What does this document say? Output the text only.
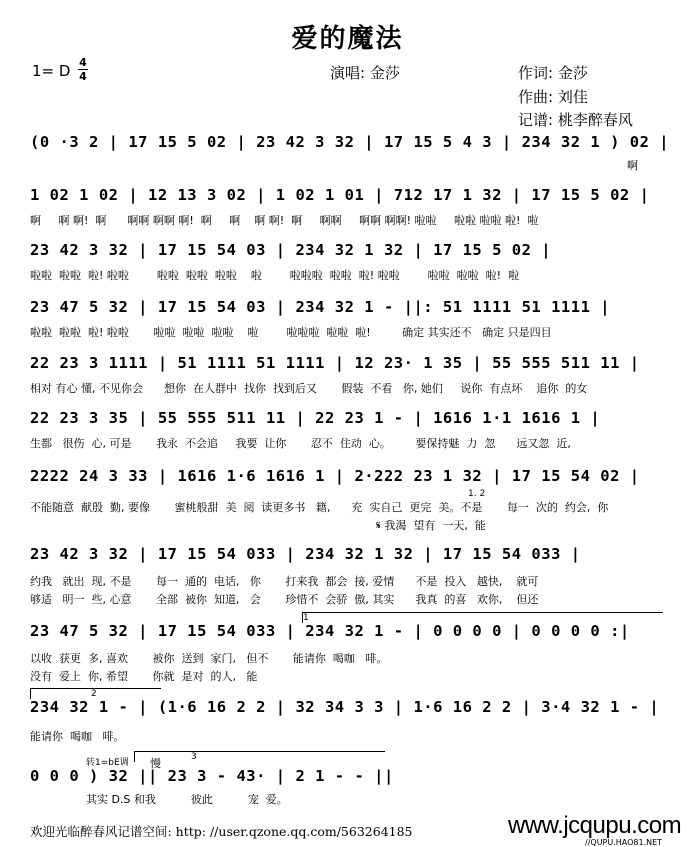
爱的魔法
1= D 4
4	演唱: 金莎	作词: 金莎
作曲: 刘佳
记谱: 桃李醉春风
(0 ·3 2 | 17 15 5 02 | 23 42 3 32 | 17 15 5 4 3 | 234 32 1 ) 02 |
啊
1 02 1 02 | 12 13 3 02 | 1 02 1 01 | 712 17 1 32 | 17 15 5 02 |
啊     啊 啊!  啊      啊啊 啊啊 啊!  啊     啊    啊 啊!  啊     啊啊     啊啊 啊啊! 啦啦     啦啦 啦啦 啦!  啦
23 42 3 32 | 17 15 54 03 | 234 32 1 32 | 17 15 5 02 |
啦啦  啦啦  啦! 啦啦        啦啦  啦啦  啦啦    啦        啦啦啦  啦啦  啦! 啦啦        啦啦  啦啦  啦!  啦
23 47 5 32 | 17 15 54 03 | 234 32 1 - ||: 51 1111 51 1111 |
啦啦  啦啦  啦! 啦啦       啦啦  啦啦  啦啦    啦        啦啦啦  啦啦  啦!         确定 其实还不   确定 只是四目
22 23 3 1111 | 51 1111 51 1111 | 12 23· 1 35 | 55 555 511 11 |
相对 有心 懂, 不见你会      想你  在人群中  找你  找到后又       假装  不看   你, 她们     说你  有点坏    追你  的女
22 23 3 35 | 55 555 511 11 | 22 23 1 - | 1616 1·1 1616 1 |
生都   很伤  心, 可是       我永  不会追     我要  让你       忍不  住动  心。       要保持魅  力  忽      远又忽  近,
2222 24 3 33 | 1616 1·6 1616 1 | 2·222 23 1 32 | 17 15 54 02 |
1. 2
不能随意  献殷  勤, 要像       蜜桃般甜  美  阅  读更多书   籍,      充  实自己  更完  美。不是       每一  次的  约会,  你
𝄋 我渴  望有  一天,  能
23 42 3 32 | 17 15 54 033 | 234 32 1 32 | 17 15 54 033 |
约我   就出  现, 不是       每一  通的  电话,   你       打来我  都会  接, 爱情      不是  投入   越快,    就可
够适   明一  些, 心意       全部  被你  知道,   会       珍惜不  会骄  傲, 其实      我真  的喜   欢你,    但还
1
23 47 5 32 | 17 15 54 033 | 234 32 1 - | 0 0 0 0 | 0 0 0 0 :|
以收  获更  多, 喜欢       被你  送到  家门,   但不       能请你  喝咖   啡。
没有  爱上  你, 希望       你就  是对  的人,   能
2
234 32 1 - | (1·6 16 2 2 | 32 34 3 3 | 1·6 16 2 2 | 3·4 32 1 - |
能请你  喝咖   啡。
转1=bE调 慢	3
0 0 0 ) 32 || 23 3 - 43· | 2 1 - - ||
其实 D.S 和我          彼此          宠  爱。
欢迎光临醉春风记谱空间: http: //user.qzone.qq.com/563264185	www.jcqupu.com
//QUPU.HAO81.NET
